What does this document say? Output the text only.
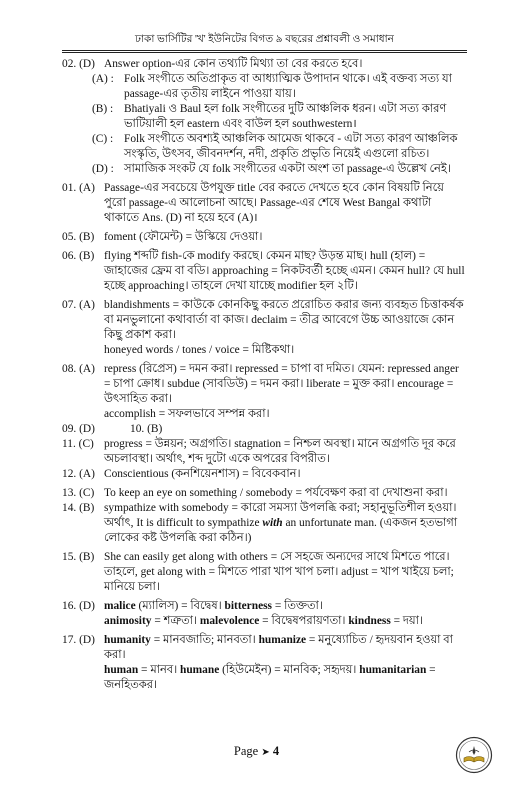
ঢাকা ভার্সিটির 'খ' ইউনিটের বিগত ৯ বছরের প্রশ্নাবলী ও সমাধান
02. (D) Answer option-এর কোন তথ্যটি মিথ্যা তা বের করতে হবে।
(A) : Folk সংগীতে অতিপ্রাকৃত বা আধ্যাত্মিক উপাদান থাকে। এই বক্তব্য সত্য যা passage-এর তৃতীয় লাইনে পাওয়া যায়।
(B) : Bhatiyali ও Baul হল folk সংগীতের দুটি আঞ্চলিক ধরন। এটা সত্য কারণ ভাটিয়ালী হল eastern এবং বাউল হল southwestern।
(C) : Folk সংগীতে অবশ্যই আঞ্চলিক আমেজ থাকবে - এটা সত্য কারণ আঞ্চলিক সংস্কৃতি, উৎসব, জীবনদর্শন, নদী, প্রকৃতি প্রভৃতি নিয়েই এগুলো রচিত।
(D) : সামাজিক সংকট যে folk সংগীতের একটা অংশ তা passage-এ উল্লেখ নেই।
01. (A) Passage-এর সবচেয়ে উপযুক্ত title বের করতে দেখতে হবে কোন বিষয়টি নিয়ে পুরো passage-এ আলোচনা আছে। Passage-এর শেষে West Bangal কথাটা থাকাতে Ans. (D) না হয়ে হবে (A)।
05. (B) foment (ফৌমেন্ট) = উস্কিয়ে দেওয়া।
06. (B) flying শব্দটি fish-কে modify করছে। কেমন মাছ? উড়ন্ত মাছ। hull (হাল) = জাহাজের ফ্রেম বা বডি। approaching = নিকটবর্তী হচ্ছে এমন। কেমন hull? যে hull হচ্ছে approaching। তাহলে দেখা যাচ্ছে modifier হল ২টি।
07. (A) blandishments = কাউকে কোনকিছু করতে প্ররোচিত করার জন্য ব্যবহৃত চিত্তাকর্ষক বা মনভুলানো কথাবার্তা বা কাজ। declaim = তীব্র আবেগে উচ্চ আওয়াজে কোন কিছু প্রকাশ করা।
honeyed words / tones / voice = মিষ্টিকথা।
08. (A) repress (রিপ্রেস) = দমন করা। repressed = চাপা বা দমিত। যেমন: repressed anger = চাপা ক্রোধ। subdue (সাবডিউ) = দমন করা। liberate = মুক্ত করা। encourage = উৎসাহিত করা।
accomplish = সফলভাবে সম্পন্ন করা।
09. (D)	10. (B)
11. (C) progress = উন্নয়ন; অগ্রগতি। stagnation = নিশ্চল অবস্থা। মানে অগ্রগতি দূর করে অচলাবস্থা। অর্থাৎ, শব্দ দুটো একে অপরের বিপরীত।
12. (A) Conscientious (কনশিয়েনশাস) = বিবেকবান।
13. (C) To keep an eye on something / somebody = পর্যবেক্ষণ করা বা দেখাশুনা করা।
14. (B) sympathize with somebody = কারো সমস্যা উপলব্ধি করা; সহানুভূতিশীল হওয়া।
অর্থাৎ, It is difficult to sympathize with an unfortunate man. (একজন হতভাগা লোকের কষ্ট উপলব্ধি করা কঠিন।)
15. (B) She can easily get along with others = সে সহজে অন্যদের সাথে মিশতে পারে। তাহলে, get along with = মিশতে পারা খাপ খাপ চলা। adjust = খাপ খাইয়ে চলা; মানিয়ে চলা।
16. (D) malice (ম্যালিস) = বিদ্বেষ। bitterness = তিক্ততা।
animosity = শত্রুতা। malevolence = বিদ্বেষপরায়ণতা। kindness = দয়া।
17. (D) humanity = মানবজাতি; মানবতা। humanize = মনুষ্যোচিত / হৃদয়বান হওয়া বা করা।
human = মানব। humane (হিউমেইন) = মানবিক; সহৃদয়। humanitarian = জনহিতকর।
Page ➤ 4
